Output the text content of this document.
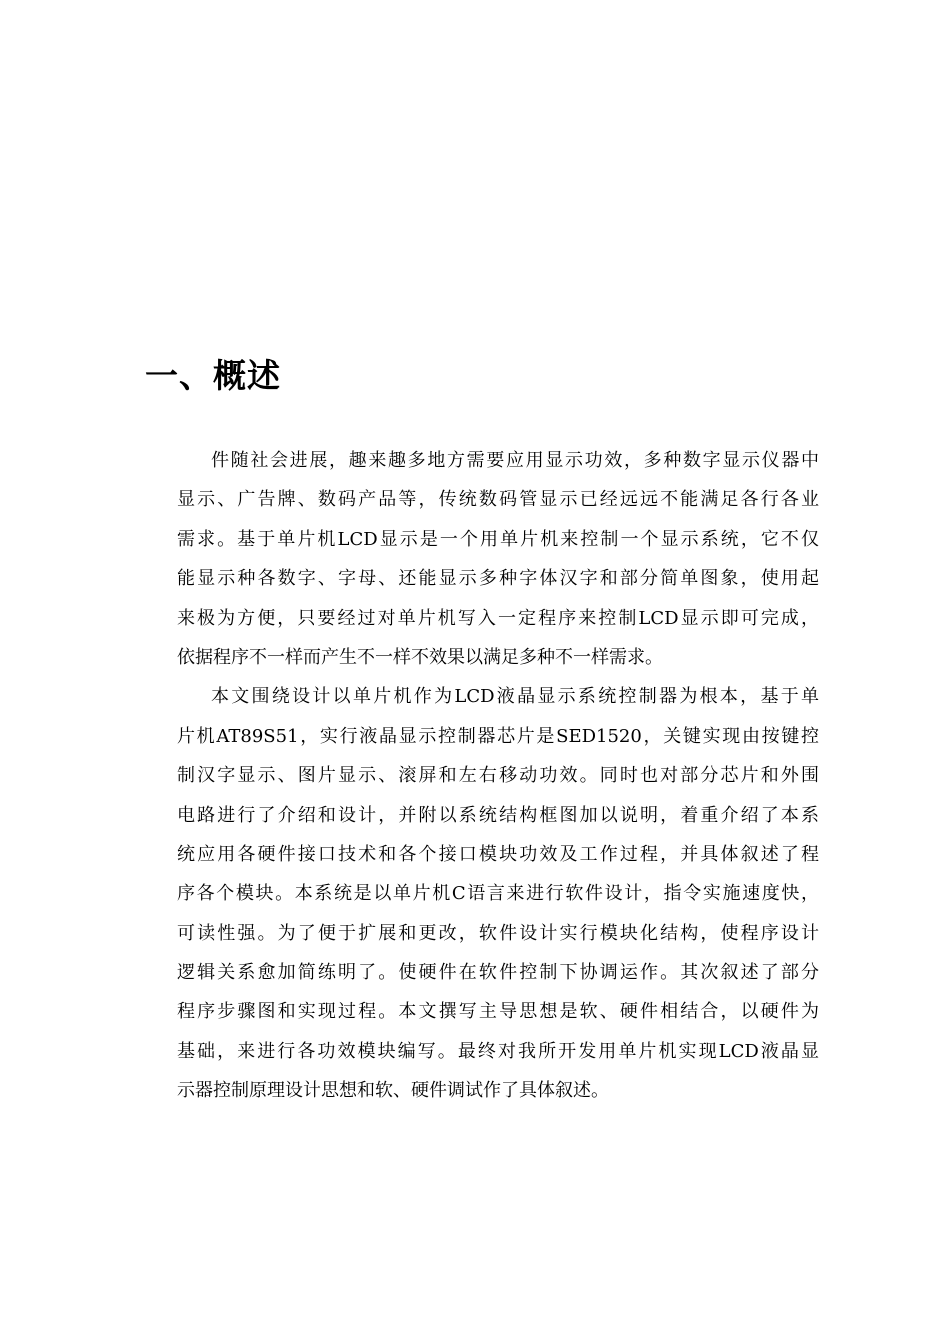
一、概述
件随社会进展，趣来趣多地方需要应用显示功效，多种数字显示仪器中
显示、广告牌、数码产品等，传统数码管显示已经远远不能满足各行各业
需求。基于单片机LCD显示是一个用单片机来控制一个显示系统，它不仅
能显示种各数字、字母、还能显示多种字体汉字和部分简单图象，使用起
来极为方便，只要经过对单片机写入一定程序来控制LCD显示即可完成，
依据程序不一样而产生不一样不效果以满足多种不一样需求。
本文围绕设计以单片机作为LCD液晶显示系统控制器为根本，基于单
片机AT89S51，实行液晶显示控制器芯片是SED1520，关键实现由按键控
制汉字显示、图片显示、滚屏和左右移动功效。同时也对部分芯片和外围
电路进行了介绍和设计，并附以系统结构框图加以说明，着重介绍了本系
统应用各硬件接口技术和各个接口模块功效及工作过程，并具体叙述了程
序各个模块。本系统是以单片机C语言来进行软件设计，指令实施速度快，
可读性强。为了便于扩展和更改，软件设计实行模块化结构，使程序设计
逻辑关系愈加简练明了。使硬件在软件控制下协调运作。其次叙述了部分
程序步骤图和实现过程。本文撰写主导思想是软、硬件相结合，以硬件为
基础，来进行各功效模块编写。最终对我所开发用单片机实现LCD液晶显
示器控制原理设计思想和软、硬件调试作了具体叙述。
